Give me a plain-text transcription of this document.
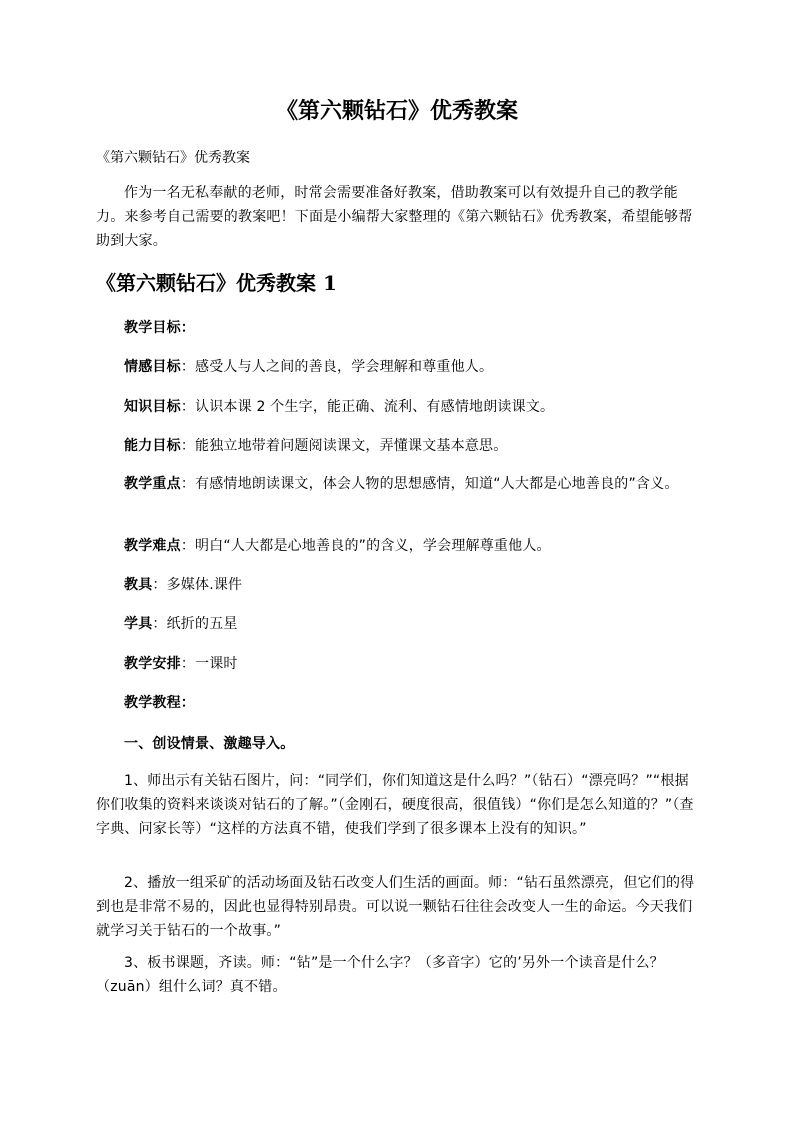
《第六颗钻石》优秀教案
《第六颗钻石》优秀教案
作为一名无私奉献的老师，时常会需要准备好教案，借助教案可以有效提升自己的教学能力。来参考自己需要的教案吧！下面是小编帮大家整理的《第六颗钻石》优秀教案，希望能够帮助到大家。
《第六颗钻石》优秀教案 1
教学目标：
情感目标：感受人与人之间的善良，学会理解和尊重他人。
知识目标：认识本课 2 个生字，能正确、流利、有感情地朗读课文。
能力目标：能独立地带着问题阅读课文，弄懂课文基本意思。
教学重点：有感情地朗读课文，体会人物的思想感情，知道“人大都是心地善良的”含义。
教学难点：明白“人大都是心地善良的”的含义，学会理解尊重他人。
教具：多媒体.课件
学具：纸折的五星
教学安排：一课时
教学教程：
一、创设情景、激趣导入。
1、师出示有关钻石图片，问：“同学们，你们知道这是什么吗？”（钻石）“漂亮吗？”“根据你们收集的资料来谈谈对钻石的了解。”（金刚石，硬度很高，很值钱）“你们是怎么知道的？”（查字典、问家长等）“这样的方法真不错，使我们学到了很多课本上没有的知识。”
2、播放一组采矿的活动场面及钻石改变人们生活的画面。师：“钻石虽然漂亮，但它们的得到也是非常不易的，因此也显得特别昂贵。可以说一颗钻石往往会改变人一生的命运。今天我们就学习关于钻石的一个故事。”
3、板书课题，齐读。师：“钻”是一个什么字？（多音字）它的’另外一个读音是什么？（zuān）组什么词？真不错。
